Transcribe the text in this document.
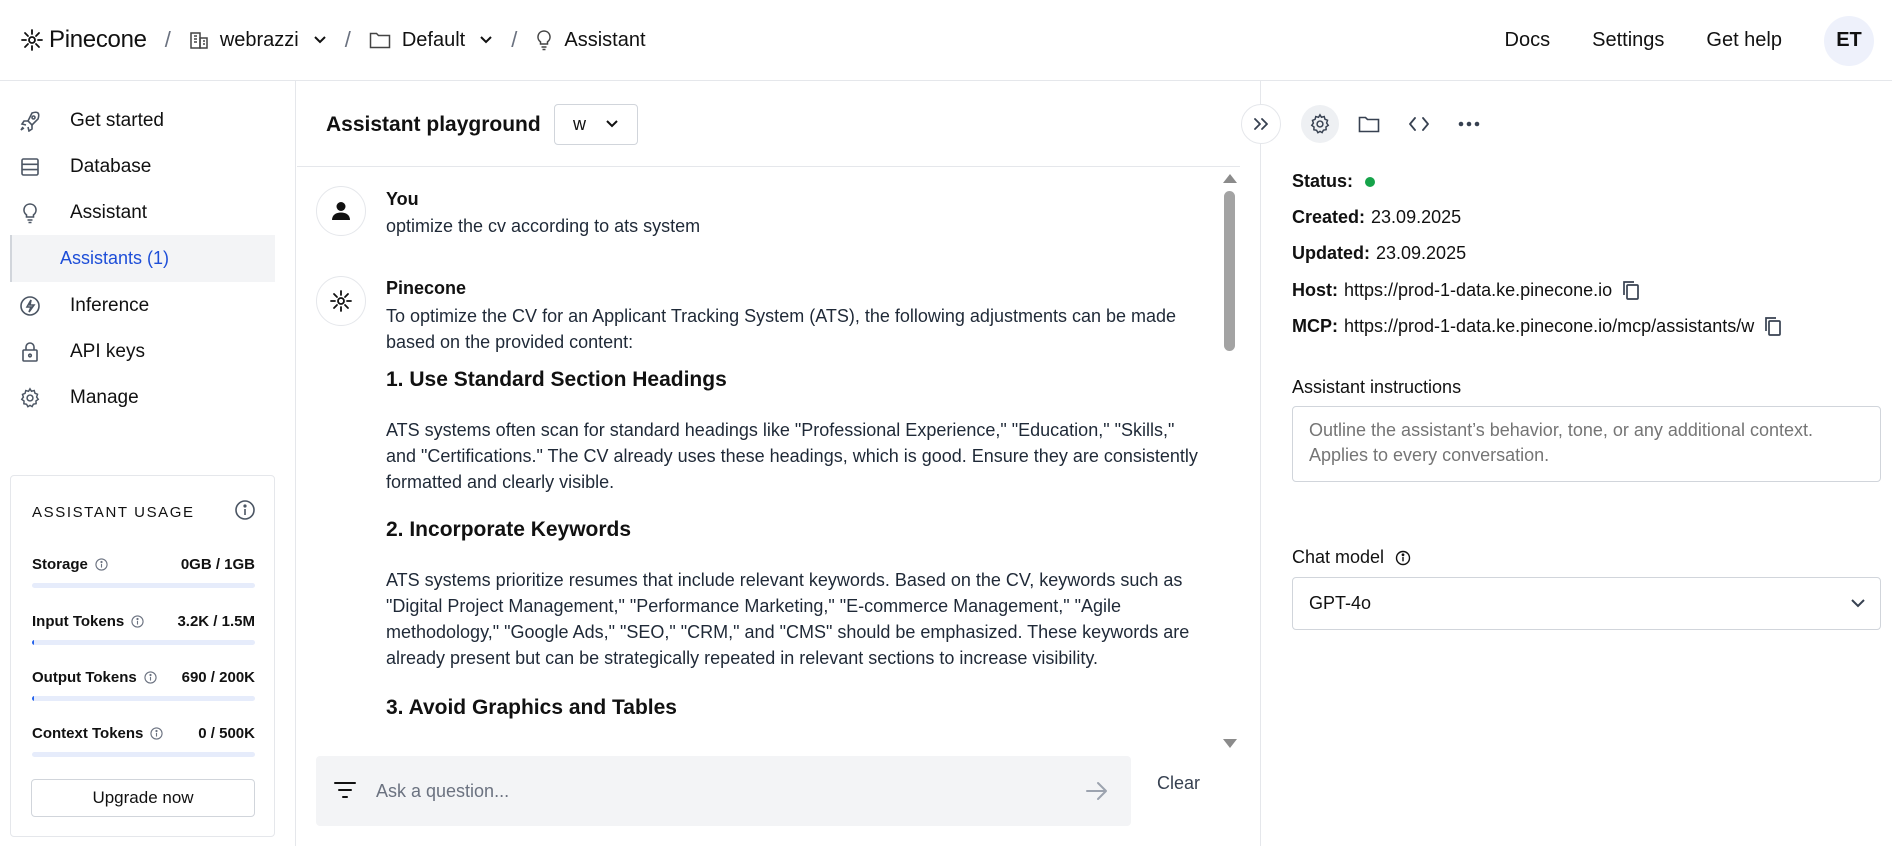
Pinecone / webrazzi /	Default / Assistant	Docs Settings Get help	ET
Get started
Database
Assistant
Assistants (1)
Inference
API keys
Manage
ASSISTANT USAGE
Storage	0GB / 1GB
Input Tokens	3.2K / 1.5M
Output Tokens	690 / 200K
Context Tokens	0 / 500K
Upgrade now
Assistant playground w
You
optimize the cv according to ats system
Pinecone
To optimize the CV for an Applicant Tracking System (ATS), the following adjustments can be made based on the provided content:
1. Use Standard Section Headings
ATS systems often scan for standard headings like "Professional Experience," "Education," "Skills," and "Certifications." The CV already uses these headings, which is good. Ensure they are consistently formatted and clearly visible.
2. Incorporate Keywords
ATS systems prioritize resumes that include relevant keywords. Based on the CV, keywords such as "Digital Project Management," "Performance Marketing," "E-commerce Management," "Agile methodology," "Google Ads," "SEO," "CRM," and "CMS" should be emphasized. These keywords are already present but can be strategically repeated in relevant sections to increase visibility.
3. Avoid Graphics and Tables
Ask a question...
Clear
Status:
Created: 23.09.2025
Updated: 23.09.2025
Host: https://prod-1-data.ke.pinecone.io
MCP: https://prod-1-data.ke.pinecone.io/mcp/assistants/w
Assistant instructions
Outline the assistant’s behavior, tone, or any additional context. Applies to every conversation.
Chat model
GPT-4o
